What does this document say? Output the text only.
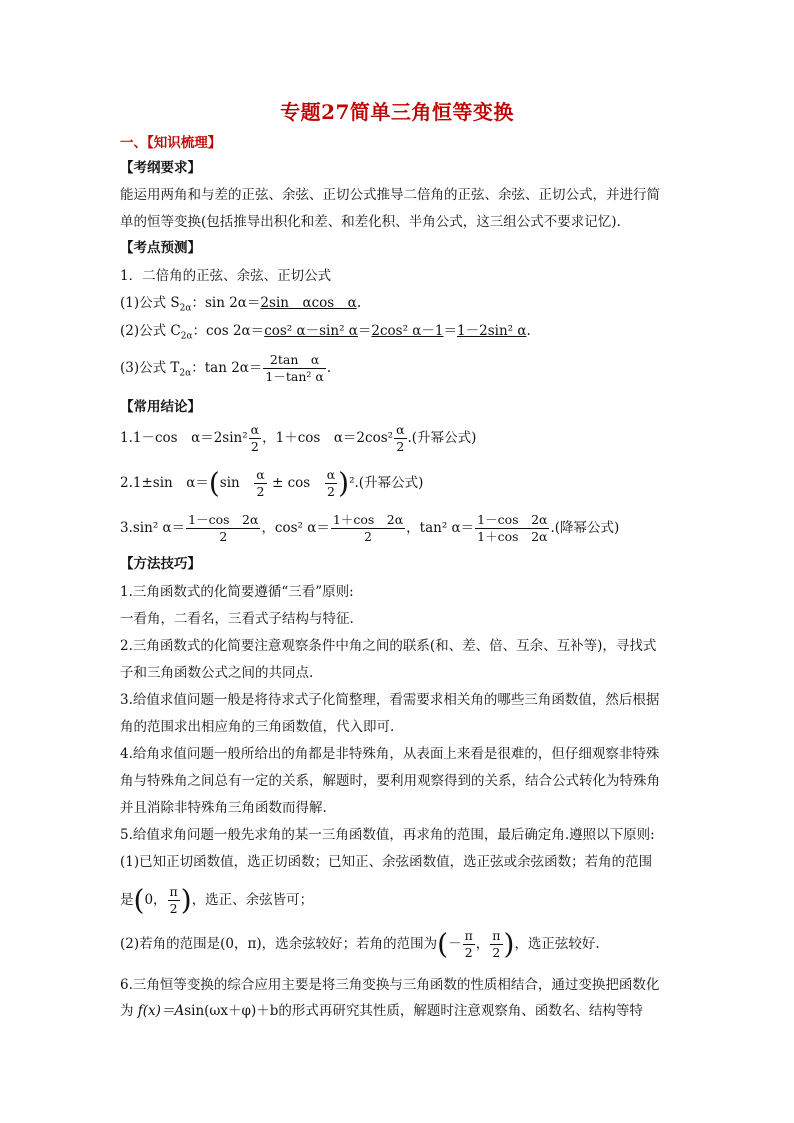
专题27简单三角恒等变换
一、【知识梳理】
【考纲要求】
能运用两角和与差的正弦、余弦、正切公式推导二倍角的正弦、余弦、正切公式，并进行简
单的恒等变换(包括推导出积化和差、和差化积、半角公式，这三组公式不要求记忆).
【考点预测】
1．二倍角的正弦、余弦、正切公式
(1)公式 $S_{2\alpha}$：sin 2α＝2sin　αcos　α.
(2)公式 $C_{2\alpha}$：cos 2α＝cos² α－sin² α＝2cos² α－1＝1－2sin² α.
(3)公式 $T_{2\alpha}$：$\tan 2\alpha= \frac{\text{2tan　α}}{\text{1－tan² α}}$ .
【常用结论】
1.1－cos　$\alpha=2\sin^2 \frac{\alpha}{2}$ ，1＋cos　$\alpha=2\cos^2 \frac{\alpha}{2}$ .(升幂公式)
2.1±sin　α＝(sin　 $\frac{\alpha}{2} \pm \cos$　 $\frac{\alpha}{2} )^2$.(升幂公式)
3.sin² $\alpha= \frac{1-\cos 2\alpha}{2}$ ，cos² $\alpha= \frac{1+\cos 2\alpha}{2}$ ，tan² $\alpha= \frac{1-\cos 2\alpha}{1+\cos 2\alpha}$ .(降幂公式)
【方法技巧】
1.三角函数式的化简要遵循“三看”原则:
一看角，二看名，三看式子结构与特征.
2.三角函数式的化简要注意观察条件中角之间的联系(和、差、倍、互余、互补等)，寻找式
子和三角函数公式之间的共同点.
3.给值求值问题一般是将待求式子化简整理，看需要求相关角的哪些三角函数值，然后根据
角的范围求出相应角的三角函数值，代入即可.
4.给角求值问题一般所给出的角都是非特殊角，从表面上来看是很难的，但仔细观察非特殊
角与特殊角之间总有一定的关系，解题时，要利用观察得到的关系，结合公式转化为特殊角
并且消除非特殊角三角函数而得解.
5.给值求角问题一般先求角的某一三角函数值，再求角的范围，最后确定角.遵照以下原则:
(1)已知正切函数值，选正切函数；已知正、余弦函数值，选正弦或余弦函数；若角的范围
是(0， $\frac{\pi}{2}$ )，选正、余弦皆可；
(2)若角的范围是(0，π)，选余弦较好；若角的范围为(－ $\frac{\pi}{2}$ ， $\frac{\pi}{2}$ )，选正弦较好.
6.三角恒等变换的综合应用主要是将三角变换与三角函数的性质相结合，通过变换把函数化
为 f(x)＝Asin(ωx＋φ)＋b的形式再研究其性质，解题时注意观察角、函数名、结构等特
